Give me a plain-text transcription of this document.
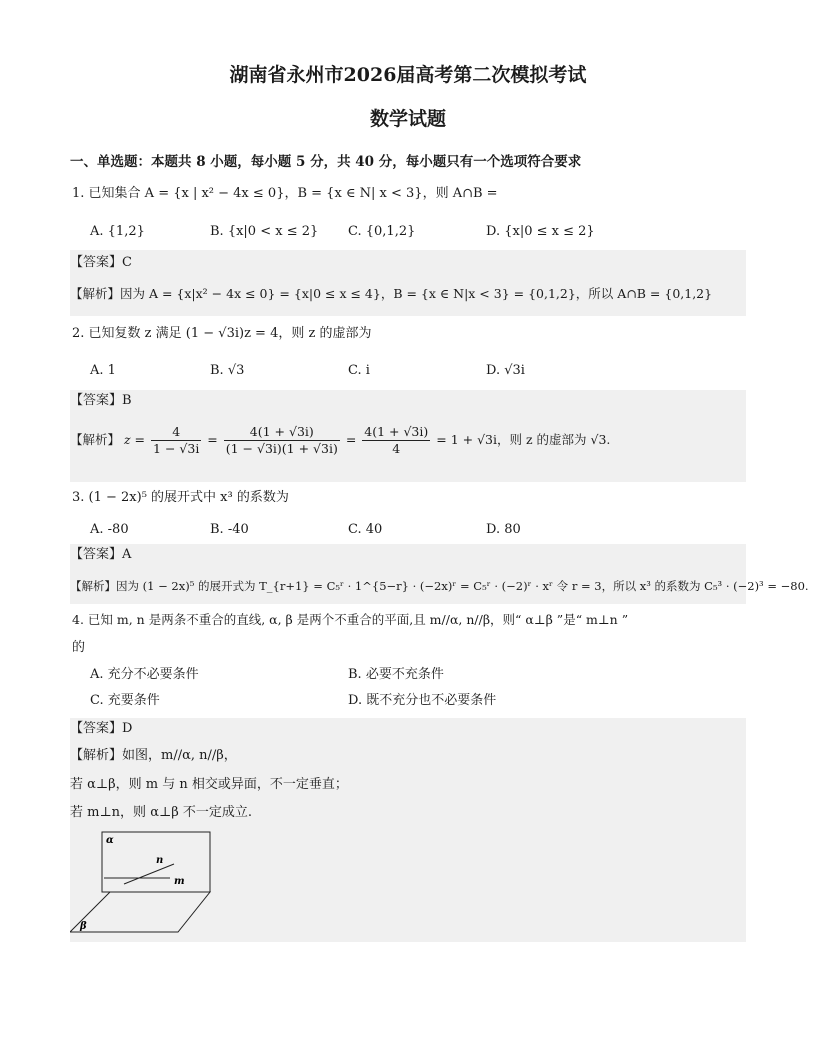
湖南省永州市2026届高考第二次模拟考试
数学试题
一、单选题：本题共 8 小题，每小题 5 分，共 40 分，每小题只有一个选项符合要求
1. 已知集合 A = {x | x² − 4x ≤ 0}，B = {x ∈ N| x < 3}，则 A∩B =
A. {1,2}	B. {x|0 < x ≤ 2} C. {0,1,2}	D. {x|0 ≤ x ≤ 2}
【答案】C
【解析】因为 A = {x|x² − 4x ≤ 0} = {x|0 ≤ x ≤ 4}，B = {x ∈ N|x < 3} = {0,1,2}，所以 A∩B = {0,1,2}
2. 已知复数 z 满足 (1 − √3i)z = 4，则 z 的虚部为
A. 1	B. √3	C. i	D. √3i
【答案】B
【解析】 $z = \frac{4}{1 - √3i} = \frac{4(1 + √3i)}{(1 - √3i)(1 + √3i)} = \frac{4(1 + √3i)}{4} = 1 + √3i$，则 z 的虚部为 √3.
3. (1 − 2x)⁵ 的展开式中 x³ 的系数为
A. -80	B. -40	C. 40	D. 80
【答案】A
【解析】因为 (1 − 2x)⁵ 的展开式为 T_{r+1} = C₅ʳ · 1^{5−r} · (−2x)ʳ = C₅ʳ · (−2)ʳ · xʳ 令 r = 3，所以 x³ 的系数为 C₅³ · (−2)³ = −80.
4. 已知 m, n 是两条不重合的直线, α, β 是两个不重合的平面,且 m//α, n//β，则“ α⊥β ”是“ m⊥n ”
的
A. 充分不必要条件	B. 必要不充条件
C. 充要条件	D. 既不充分也不必要条件
【答案】D
【解析】如图，m//α, n//β，
若 α⊥β，则 m 与 n 相交或异面，不一定垂直；
若 m⊥n，则 α⊥β 不一定成立.
α
β
n
m
